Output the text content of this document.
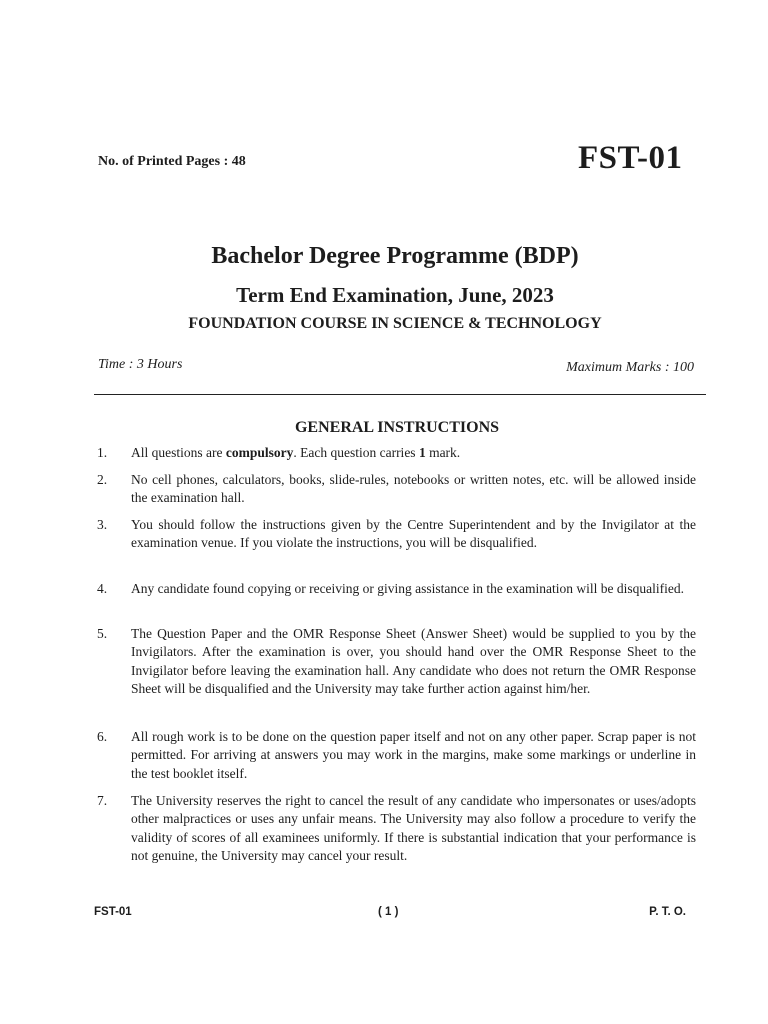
No. of Printed Pages : 48	FST-01
Bachelor Degree Programme (BDP)
Term End Examination, June, 2023
FOUNDATION COURSE IN SCIENCE & TECHNOLOGY
Time : 3 Hours	Maximum Marks : 100
GENERAL INSTRUCTIONS
1. All questions are compulsory. Each question carries 1 mark.
2. No cell phones, calculators, books, slide-rules, notebooks or written notes, etc. will be allowed inside the examination hall.
3. You should follow the instructions given by the Centre Superintendent and by the Invigilator at the examination venue. If you violate the instructions, you will be disqualified.
4. Any candidate found copying or receiving or giving assistance in the examination will be disqualified.
5. The Question Paper and the OMR Response Sheet (Answer Sheet) would be supplied to you by the Invigilators. After the examination is over, you should hand over the OMR Response Sheet to the Invigilator before leaving the examination hall. Any candidate who does not return the OMR Response Sheet will be disqualified and the University may take further action against him/her.
6. All rough work is to be done on the question paper itself and not on any other paper. Scrap paper is not permitted. For arriving at answers you may work in the margins, make some markings or underline in the test booklet itself.
7. The University reserves the right to cancel the result of any candidate who impersonates or uses/adopts other malpractices or uses any unfair means. The University may also follow a procedure to verify the validity of scores of all examinees uniformly. If there is substantial indication that your performance is not genuine, the University may cancel your result.
FST-01	( 1 )	P. T. O.
